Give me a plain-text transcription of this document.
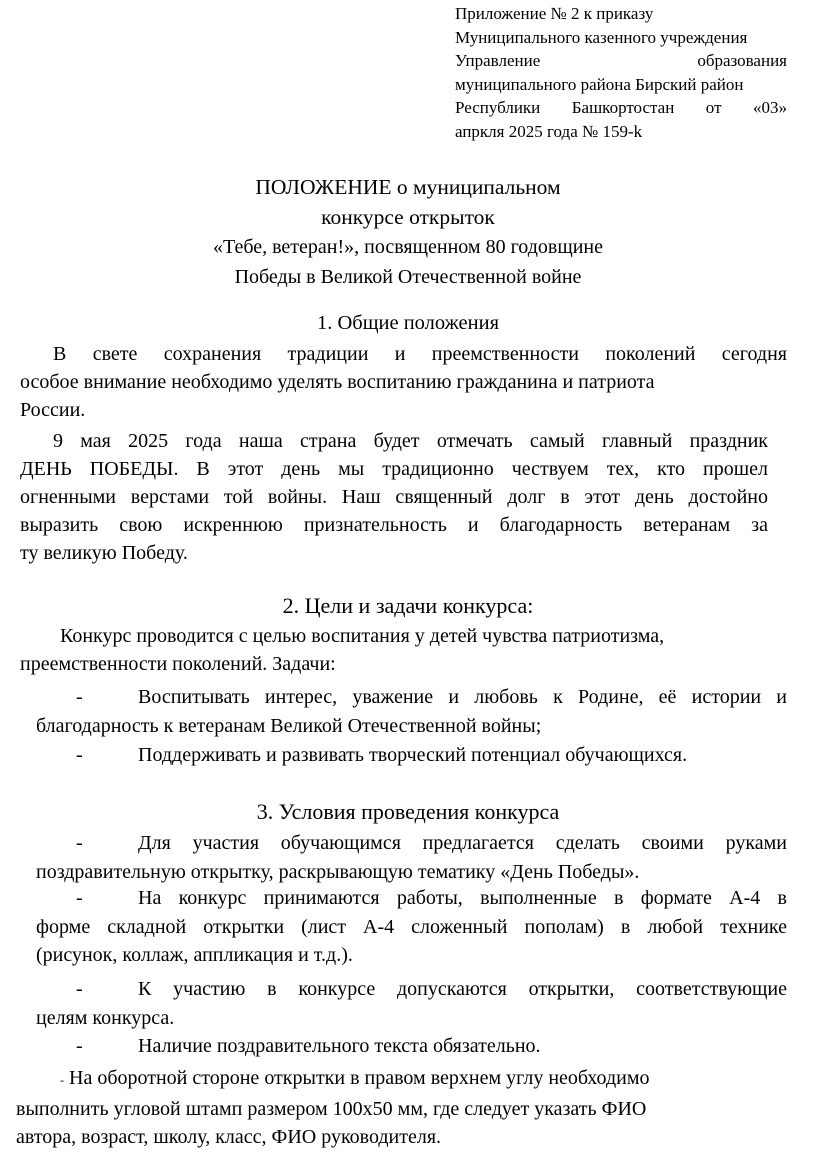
Приложение № 2 к приказу
Муниципального казенного учреждения
Управление образования
муниципального района Бирский район
Республики Башкортостан от «03»
апркля 2025 года № 159-k
ПОЛОЖЕНИЕ о муниципальном
конкурсе открыток
«Тебе, ветеран!», посвященном 80 годовщине
Победы в Великой Отечественной войне
1. Общие положения
В свете сохранения традиции и преемственности поколений сегодня
особое внимание необходимо уделять воспитанию гражданина и патриота
России.
9 мая 2025 года наша страна будет отмечать самый главный праздник
ДЕНЬ ПОБЕДЫ. В этот день мы традиционно чествуем тех, кто прошел
огненными верстами той войны. Наш священный долг в этот день достойно
выразить свою искреннюю признательность и благодарность ветеранам за
ту великую Победу.
2. Цели и задачи конкурса:
Конкурс проводится с целью воспитания у детей чувства патриотизма,
преемственности поколений. Задачи:
-	Воспитывать интерес, уважение и любовь к Родине, её истории и
благодарность к ветеранам Великой Отечественной войны;
-	Поддерживать и развивать творческий потенциал обучающихся.
3. Условия проведения конкурса
-	Для участия обучающимся предлагается сделать своими руками
поздравительную открытку, раскрывающую тематику «День Победы».
-	На конкурс принимаются работы, выполненные в формате А-4 в
форме складной открытки (лист А-4 сложенный пополам) в любой технике
(рисунок, коллаж, аппликация и т.д.).
-	К участию в конкурсе допускаются открытки, соответствующие
целям конкурса.
-	Наличие поздравительного текста обязательно.
- На оборотной стороне открытки в правом верхнем углу необходимо
выполнить угловой штамп размером 100х50 мм, где следует указать ФИО
автора, возраст, школу, класс, ФИО руководителя.
